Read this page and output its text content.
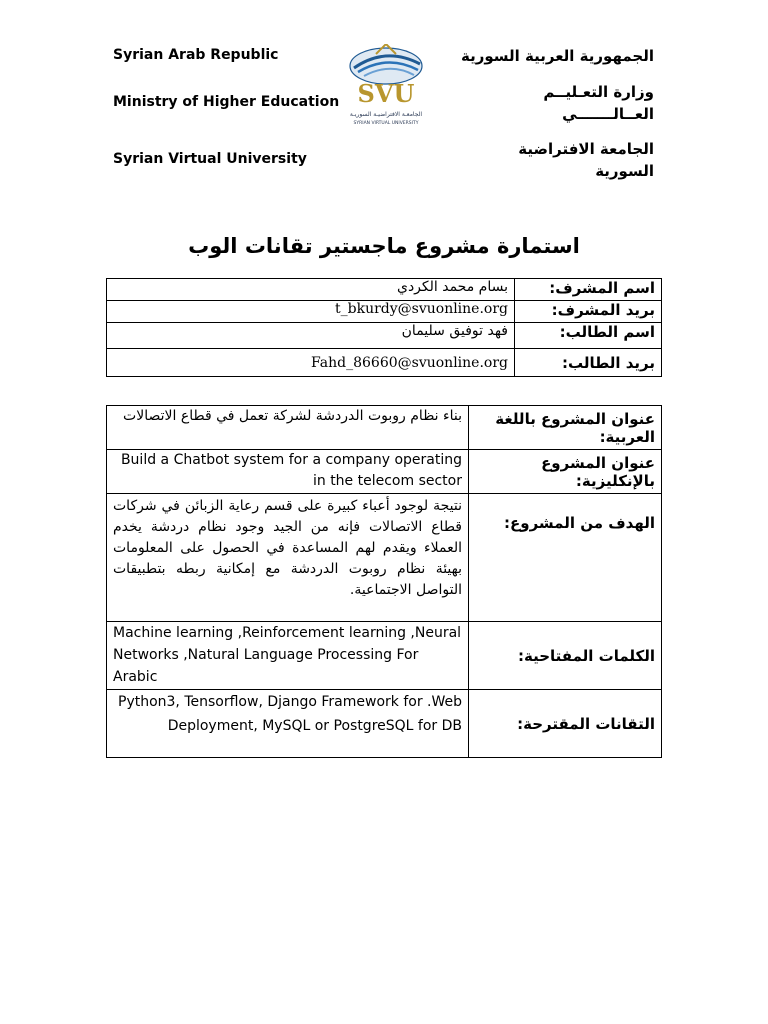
Syrian Arab Republic
Ministry of Higher Education
Syrian Virtual University
SVU
الجامعـة الافتراضيـة السوريـة
SYRIAN VIRTUAL UNIVERSITY
الجمهورية العربية السورية
وزارة التعـليــم
العــالـــــــي
الجامعة الافتراضية
السورية
استمارة مشروع ماجستير تقانات الوب
بسام محمد الكردي	اسم المشرف:
t_bkurdy@svuonline.org	بريد المشرف:
فهد توفيق سليمان	اسم الطالب:
Fahd_86660@svuonline.org	بريد الطالب:
بناء نظام روبوت الدردشة لشركة تعمل في قطاع الاتصالات	عنوان المشروع باللغة العربية:
Build a Chatbot system for a company operating in the telecom sector	عنوان المشروع بالإنكليزية:
نتيجة لوجود أعباء كبيرة على قسم رعاية الزبائن في شركات قطاع الاتصالات فإنه من الجيد وجود نظام دردشة يخدم العملاء ويقدم لهم المساعدة في الحصول على المعلومات بهيئة نظام روبوت الدردشة مع إمكانية ربطه بتطبيقات التواصل الاجتماعية.	الهدف من المشروع:
Machine learning ,Reinforcement learning ,Neural Networks ,Natural Language Processing For Arabic	الكلمات المفتاحية:
Python3, Tensorflow, Django Framework for .Web Deployment, MySQL or PostgreSQL for DB	التقانات المقترحة:
